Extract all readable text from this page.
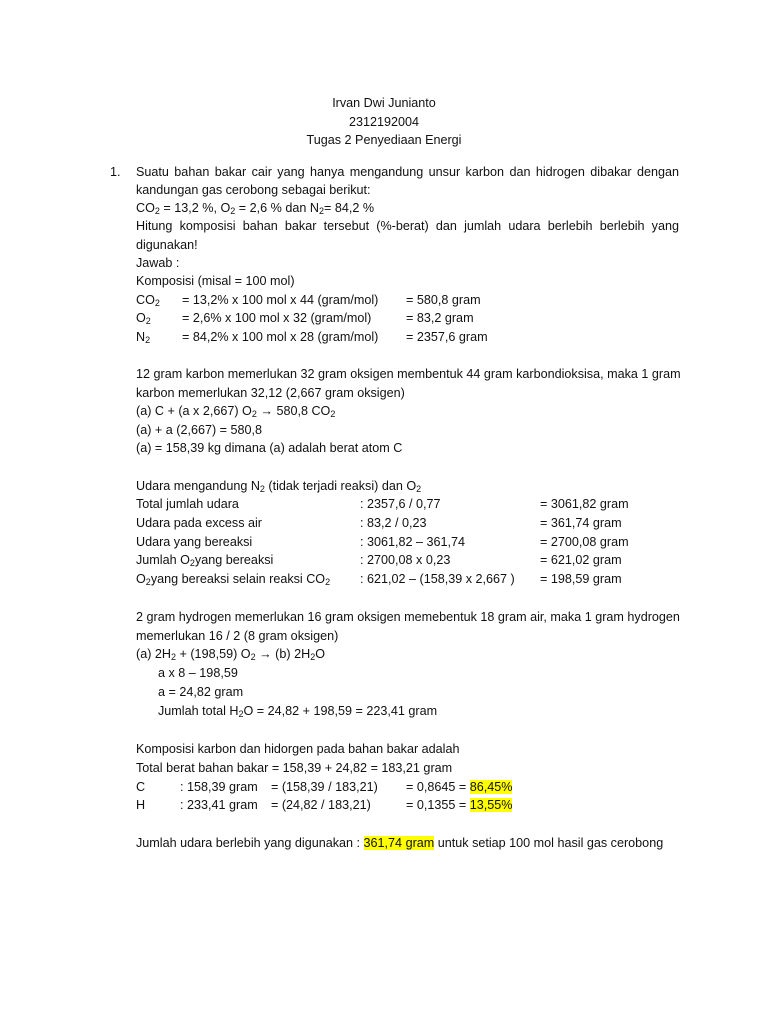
Irvan Dwi Junianto
2312192004
Tugas 2 Penyediaan Energi
1. Suatu bahan bakar cair yang hanya mengandung unsur karbon dan hidrogen dibakar dengan
kandungan gas cerobong sebagai berikut:
$CO_2 = 13,2$ %, $O_2 = 2,6$ % dan $N_2= 84,2$ %
Hitung komposisi bahan bakar tersebut (%-berat) dan jumlah udara berlebih berlebih yang
digunakan!
Jawab :
Komposisi (misal = 100 mol)
$CO_2 = 13,2\%$ x 100 mol x 44 (gram/mol) = 580,8 gram
$O_2 = 2,6\%$ x 100 mol x 32 (gram/mol)	= 83,2 gram
$N_2$	= 84,2% x 100 mol x 28 (gram/mol) = 2357,6 gram
12 gram karbon memerlukan 32 gram oksigen membentuk 44 gram karbondioksisa, maka 1 gram
karbon memerlukan 32,12 (2,667 gram oksigen)
(a) C + (a x 2,667) $O_2 \to 580,8$ $CO_2$
(a) + a (2,667) = 580,8
(a) = 158,39 kg dimana (a) adalah berat atom C
Udara mengandung $N_2$ (tidak terjadi reaksi) dan $O_2$
Total jumlah udara	: 2357,6 / 0,77	= 3061,82 gram
Udara pada excess air	: 83,2 / 0,23	= 361,74 gram
Udara yang bereaksi	: 3061,82 – 361,74	= 2700,08 gram
Jumlah $O_2yang$ bereaksi	: 2700,08 x 0,23	= 621,02 gram
$O_2yang$ bereaksi selain reaksi $CO_2$ : 621,02 – (158,39 x 2,667 ) = 198,59 gram
2 gram hydrogen memerlukan 16 gram oksigen memebentuk 18 gram air, maka 1 gram hydrogen
memerlukan 16 / 2 (8 gram oksigen)
(a) $2H_2 + (198,59) O_2 \to (b)$ $2H_2O$
a x 8 – 198,59
a = 24,82 gram
Jumlah total $H_2O = 24,82 + 198,59 = 223,41$ gram
Komposisi karbon dan hidorgen pada bahan bakar adalah
Total berat bahan bakar = 158,39 + 24,82 = 183,21 gram
C	: 158,39 gram = (158,39 / 183,21) = 0,8645 = 86,45%
H	: 233,41 gram = (24,82 / 183,21)	= 0,1355 = 13,55%
Jumlah udara berlebih yang digunakan : 361,74 gram untuk setiap 100 mol hasil gas cerobong
